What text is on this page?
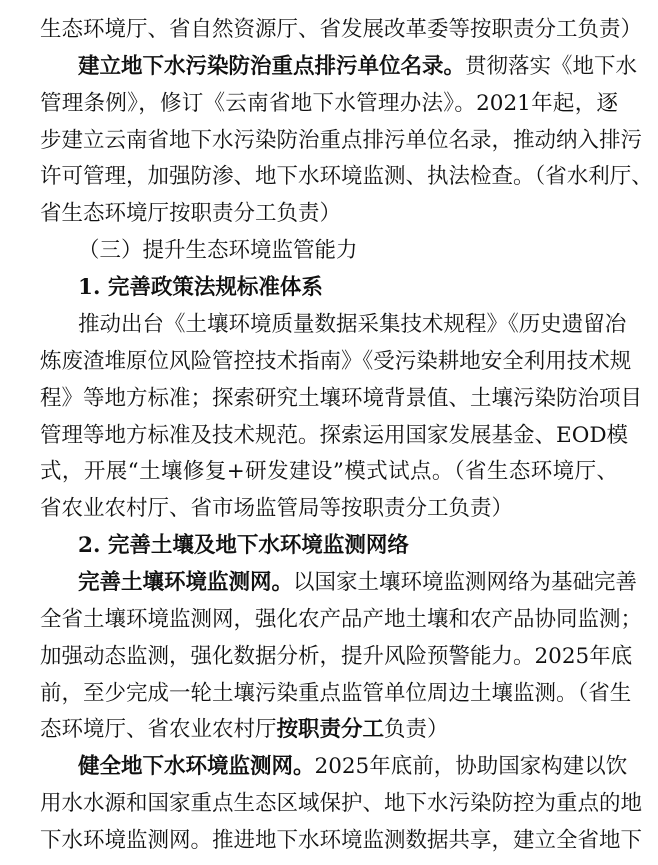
生态环境厅、省自然资源厅、省发展改革委等按职责分工负责）
建立地下水污染防治重点排污单位名录。贯彻落实《地下水
管理条例》，修订《云南省地下水管理办法》。2021年起，逐
步建立云南省地下水污染防治重点排污单位名录，推动纳入排污
许可管理，加强防渗、地下水环境监测、执法检查。（省水利厅、
省生态环境厅按职责分工负责）
（三）提升生态环境监管能力
1. 完善政策法规标准体系
推动出台《土壤环境质量数据采集技术规程》《历史遗留冶
炼废渣堆原位风险管控技术指南》《受污染耕地安全利用技术规
程》等地方标准；探索研究土壤环境背景值、土壤污染防治项目
管理等地方标准及技术规范。探索运用国家发展基金、EOD模
式，开展“土壤修复+研发建设”模式试点。（省生态环境厅、
省农业农村厅、省市场监管局等按职责分工负责）
2. 完善土壤及地下水环境监测网络
完善土壤环境监测网。以国家土壤环境监测网络为基础完善
全省土壤环境监测网，强化农产品产地土壤和农产品协同监测；
加强动态监测，强化数据分析，提升风险预警能力。2025年底
前，至少完成一轮土壤污染重点监管单位周边土壤监测。（省生
态环境厅、省农业农村厅按职责分工负责）
健全地下水环境监测网。2025年底前，协助国家构建以饮
用水水源和国家重点生态区域保护、地下水污染防控为重点的地
下水环境监测网。推进地下水环境监测数据共享，建立全省地下
